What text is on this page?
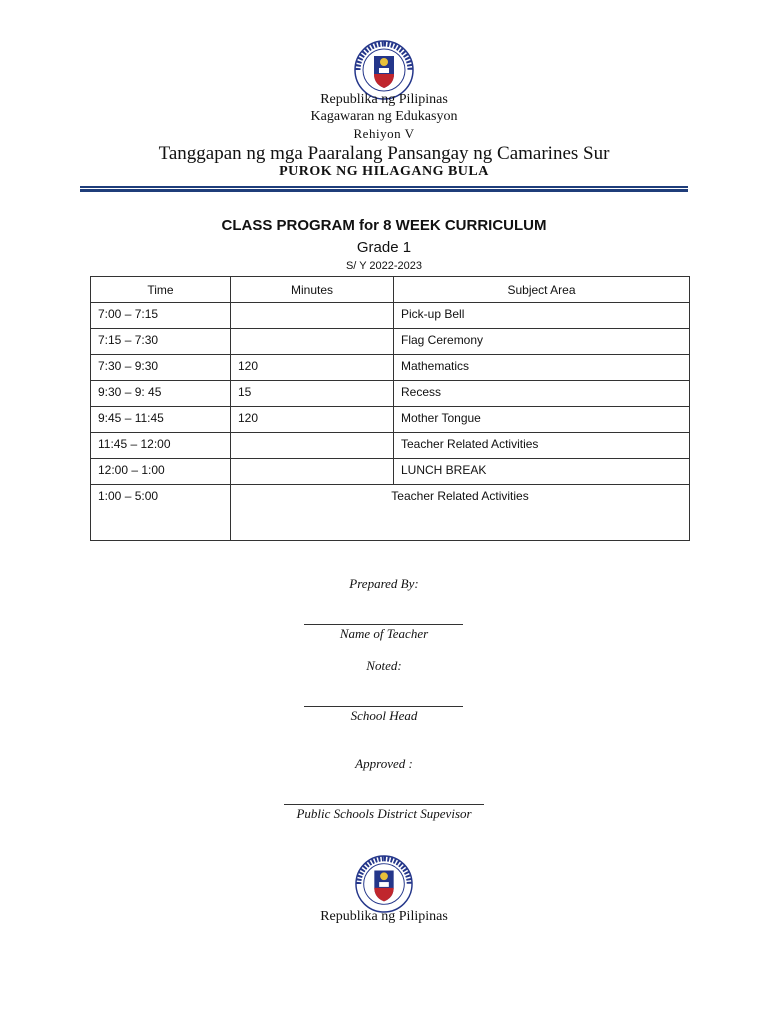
Republika ng Pilipinas
Kagawaran ng Edukasyon
Rehiyon V
Tanggapan ng mga Paaralang Pansangay ng Camarines Sur
PUROK NG HILAGANG BULA
CLASS PROGRAM for 8 WEEK CURRICULUM
Grade 1
S/ Y 2022-2023
Time	Minutes	Subject Area
7:00 – 7:15		Pick-up Bell
7:15 – 7:30		Flag Ceremony
7:30 – 9:30	120	Mathematics
9:30 – 9: 45	15	Recess
9:45 – 11:45	120	Mother Tongue
11:45 – 12:00		Teacher Related Activities
12:00 – 1:00		LUNCH BREAK
1:00 – 5:00	Teacher Related Activities	
Prepared By:
Name of Teacher
Noted:
School Head
Approved :
Public Schools District Supevisor
Republika ng Pilipinas
